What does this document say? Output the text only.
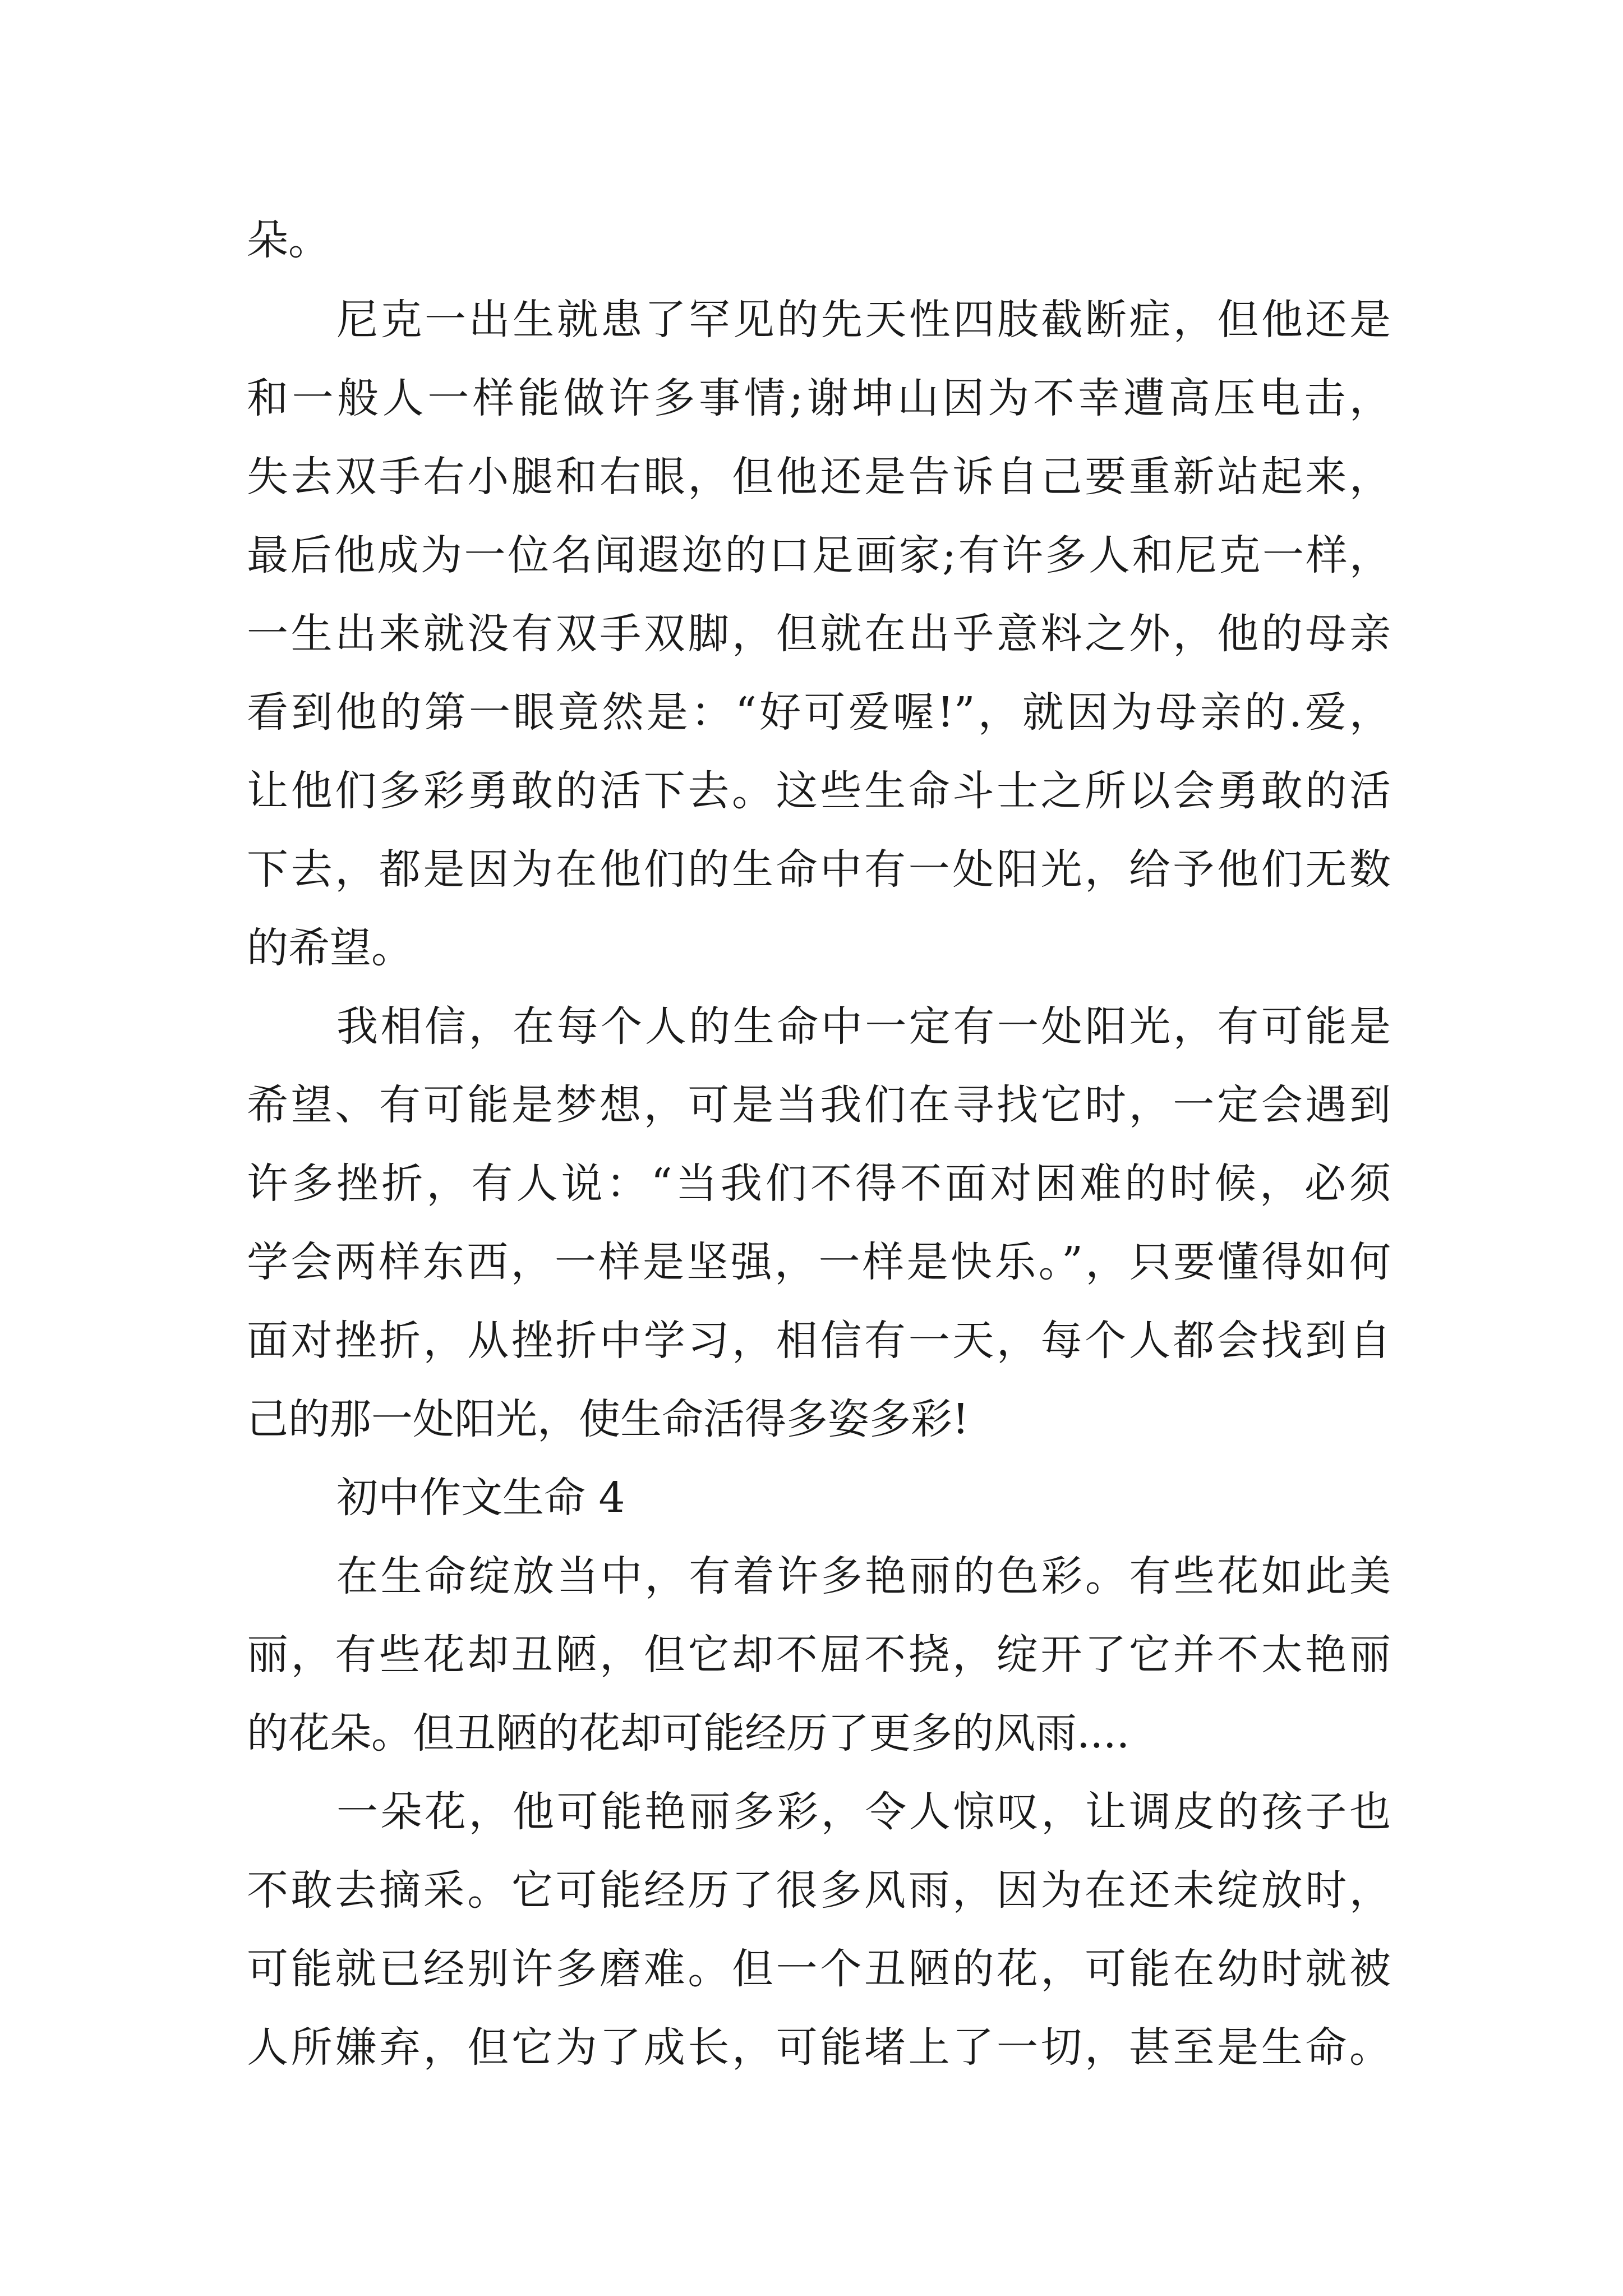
朵。
尼克一出生就患了罕见的先天性四肢截断症，但他还是
和一般人一样能做许多事情;谢坤山因为不幸遭高压电击，
失去双手右小腿和右眼，但他还是告诉自己要重新站起来，
最后他成为一位名闻遐迩的口足画家;有许多人和尼克一样，
一生出来就没有双手双脚，但就在出乎意料之外，他的母亲
看到他的第一眼竟然是：“好可爱喔!”，就因为母亲的.爱，
让他们多彩勇敢的活下去。这些生命斗士之所以会勇敢的活
下去，都是因为在他们的生命中有一处阳光，给予他们无数
的希望。
我相信，在每个人的生命中一定有一处阳光，有可能是
希望、有可能是梦想，可是当我们在寻找它时，一定会遇到
许多挫折，有人说：“当我们不得不面对困难的时候，必须
学会两样东西，一样是坚强，一样是快乐。”，只要懂得如何
面对挫折，从挫折中学习，相信有一天，每个人都会找到自
己的那一处阳光，使生命活得多姿多彩!
初中作文生命 4
在生命绽放当中，有着许多艳丽的色彩。有些花如此美
丽，有些花却丑陋，但它却不屈不挠，绽开了它并不太艳丽
的花朵。但丑陋的花却可能经历了更多的风雨....
一朵花，他可能艳丽多彩，令人惊叹，让调皮的孩子也
不敢去摘采。它可能经历了很多风雨，因为在还未绽放时，
可能就已经别许多磨难。但一个丑陋的花，可能在幼时就被
人所嫌弃，但它为了成长，可能堵上了一切，甚至是生命。
